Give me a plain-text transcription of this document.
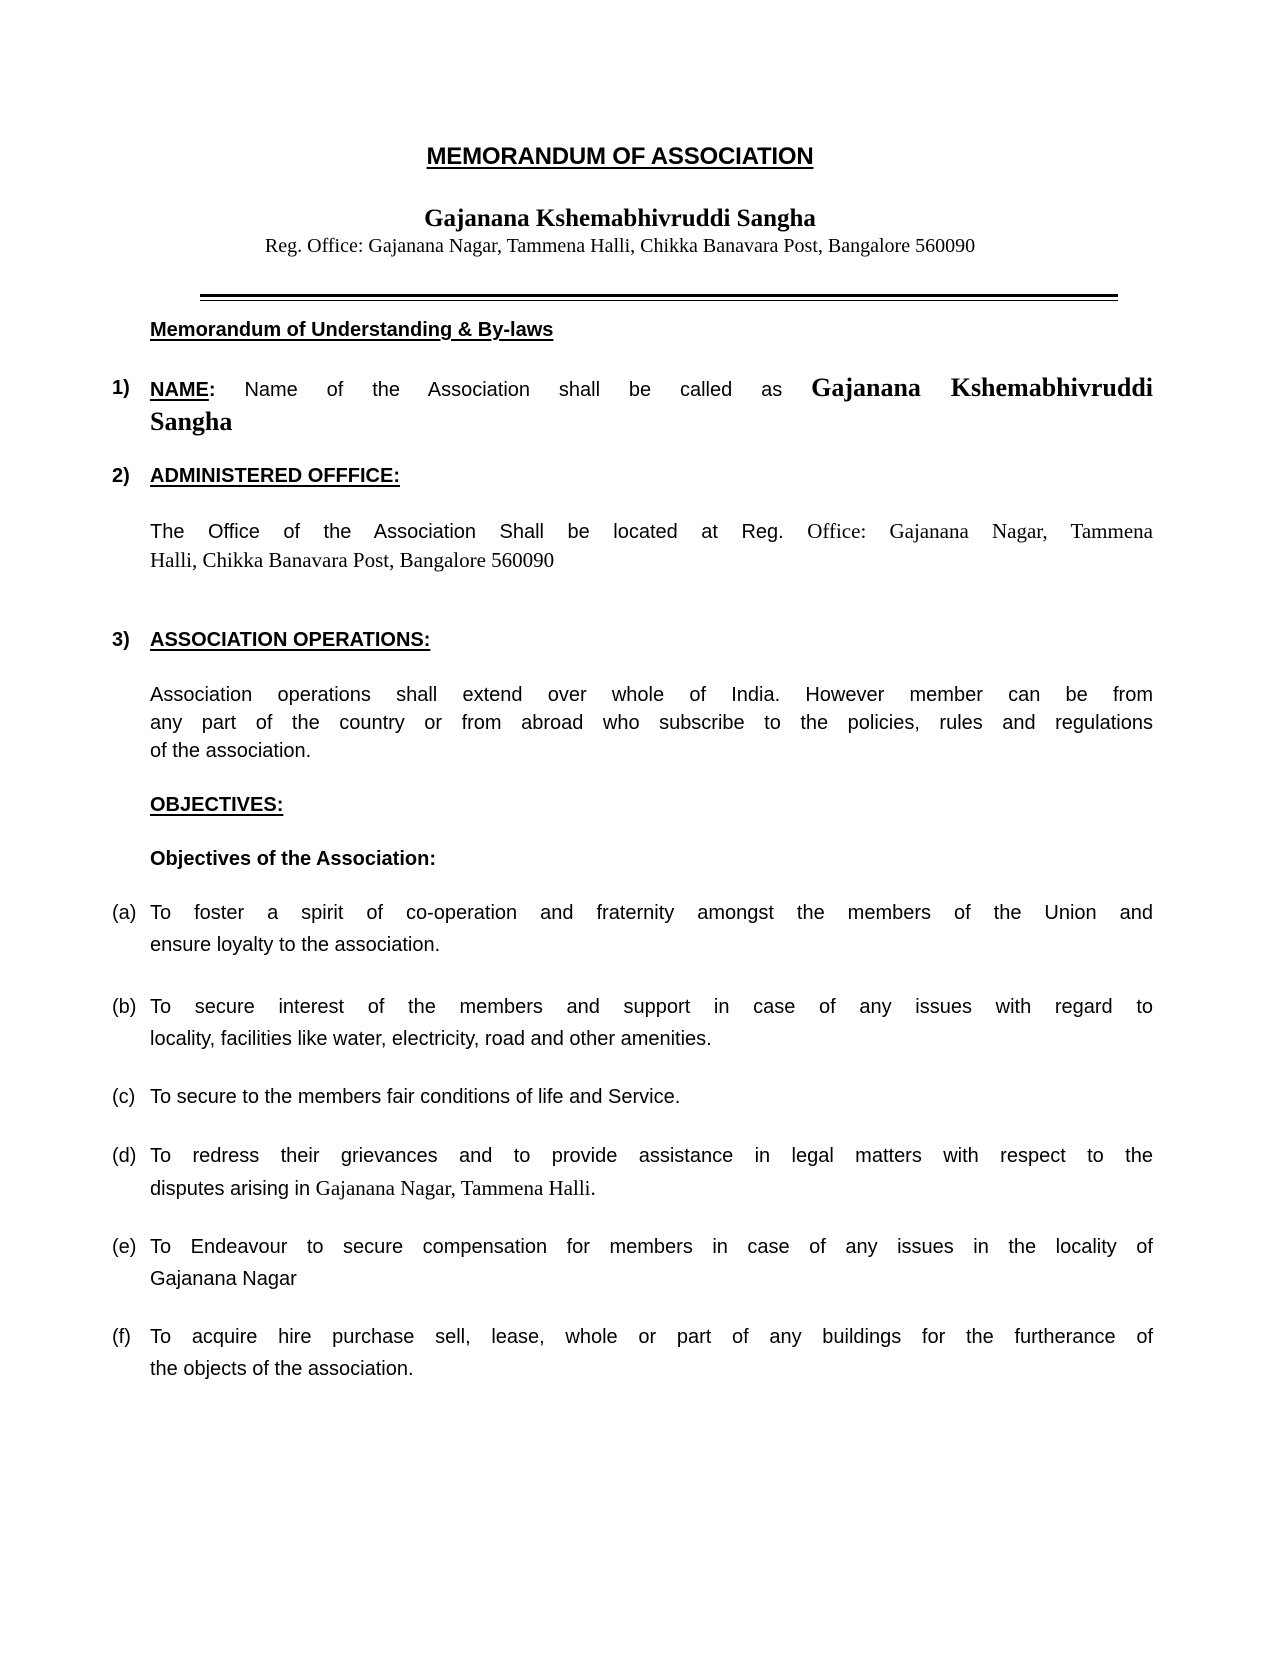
MEMORANDUM OF ASSOCIATION
Gajanana Kshemabhivruddi Sangha
Reg. Office: Gajanana Nagar, Tammena Halli, Chikka Banavara Post, Bangalore 560090
Memorandum of Understanding & By-laws
1) NAME: Name of the Association shall be called as Gajanana Kshemabhivruddi
Sangha
2) ADMINISTERED OFFFICE:
The Office of the Association Shall be located at Reg. Office: Gajanana Nagar, Tammena
Halli, Chikka Banavara Post, Bangalore 560090
3) ASSOCIATION OPERATIONS:
Association operations shall extend over whole of India. However member can be from
any part of the country or from abroad who subscribe to the policies, rules and regulations
of the association.
OBJECTIVES:
Objectives of the Association:
(a) To foster a spirit of co-operation and fraternity amongst the members of the Union and
ensure loyalty to the association.
(b) To secure interest of the members and support in case of any issues with regard to
locality, facilities like water, electricity, road and other amenities.
(c) To secure to the members fair conditions of life and Service.
(d) To redress their grievances and to provide assistance in legal matters with respect to the
disputes arising in Gajanana Nagar, Tammena Halli.
(e) To Endeavour to secure compensation for members in case of any issues in the locality of
Gajanana Nagar
(f) To acquire hire purchase sell, lease, whole or part of any buildings for the furtherance of
the objects of the association.
